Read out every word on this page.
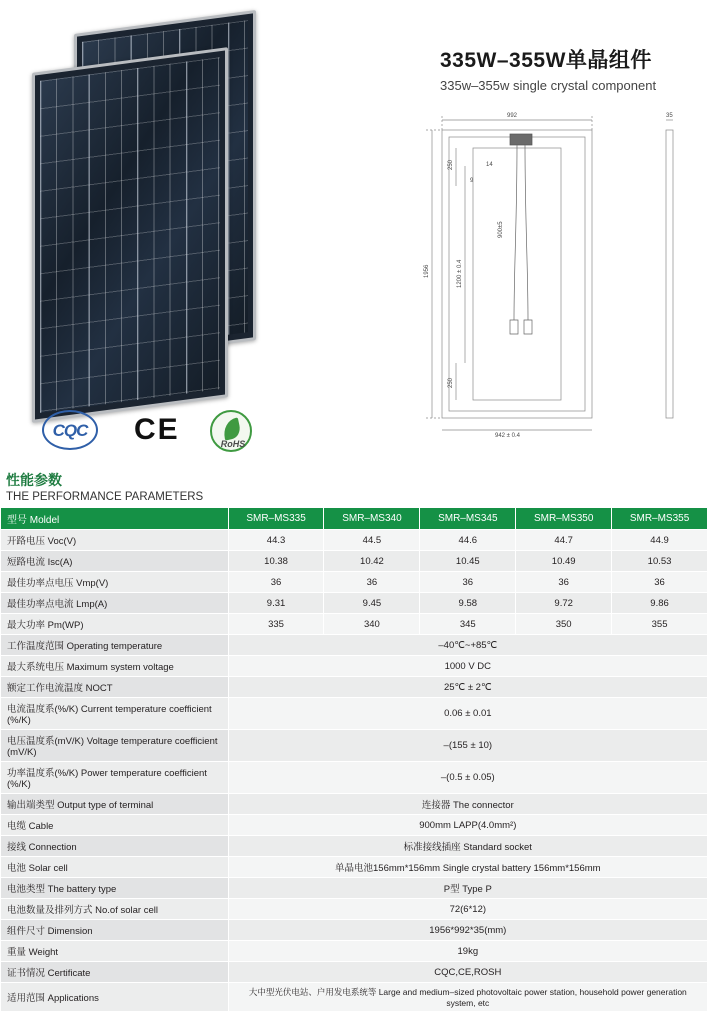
CQC	CE	RoHS
335W–355W单晶组件

335w–355w single crystal component

992	35
1956
942 ± 0.4
250
250
1200 ± 0.4
900±5
14
9

性能参数

THE PERFORMANCE PARAMETERS

型号 Moldel	SMR–MS335	SMR–MS340	SMR–MS345	SMR–MS350	SMR–MS355
开路电压 Voc(V)	44.3	44.5	44.6	44.7	44.9
短路电流 Isc(A)	10.38	10.42	10.45	10.49	10.53
最佳功率点电压 Vmp(V)	36	36	36	36	36
最佳功率点电流 Lmp(A)	9.31	9.45	9.58	9.72	9.86
最大功率 Pm(WP)	335	340	345	350	355
工作温度范围 Operating temperature	–40℃~+85℃				
最大系统电压 Maximum system voltage	1000 V DC				
额定工作电流温度 NOCT	25℃ ± 2℃				
电流温度系(%/K) Current temperature coefficient (%/K)	0.06 ± 0.01				
电压温度系(mV/K) Voltage temperature coefficient (mV/K)	–(155 ± 10)				
功率温度系(%/K) Power temperature coefficient (%/K)	–(0.5 ± 0.05)				
输出端类型 Output type of terminal	连接器 The connector				
电缆 Cable	900mm LAPP(4.0mm²)				
接线 Connection	标准接线插座 Standard socket				
电池 Solar cell	单晶电池156mm*156mm Single crystal battery 156mm*156mm				
电池类型 The battery type	P型 Type P				
电池数量及排列方式 No.of solar cell	72(6*12)				
组件尺寸 Dimension	1956*992*35(mm)				
重量 Weight	19kg				
证书情况 Certificate	CQC,CE,ROSH				
适用范围 Applications	大中型光伏电站、户用发电系统等 Large and medium–sized photovoltaic power station, household power generation system, etc				
